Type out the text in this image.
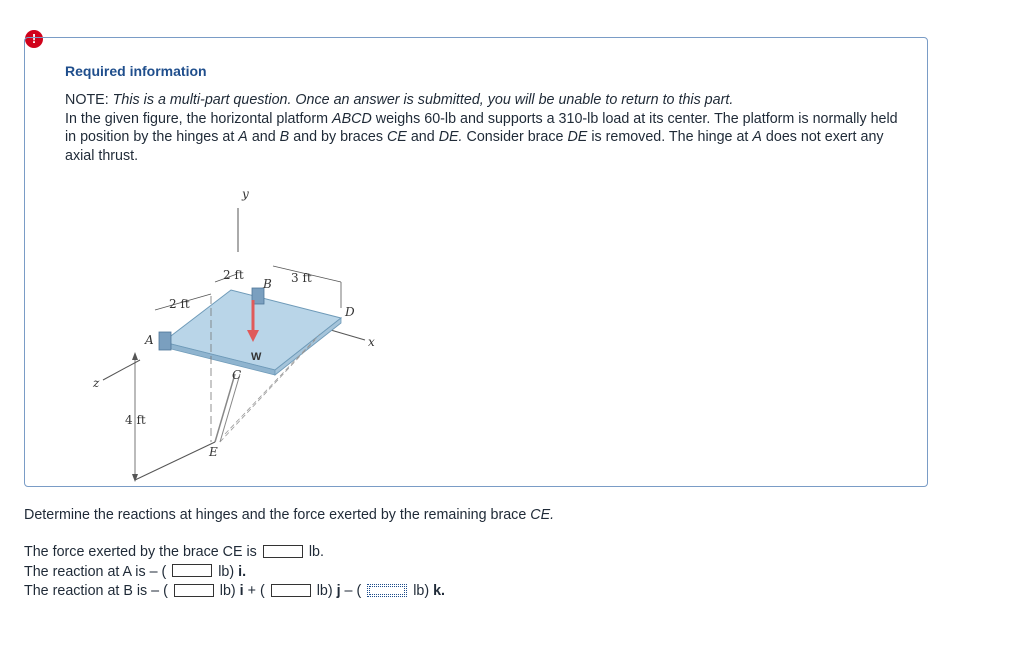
!
Required information
NOTE: This is a multi-part question. Once an answer is submitted, you will be unable to return to this part.
In the given figure, the horizontal platform ABCD weighs 60-lb and supports a 310-lb load at its center. The platform is normally held in position by the hinges at A and B and by braces CE and DE. Consider brace DE is removed. The hinge at A does not exert any axial thrust.
y
x
z
W
A
B
C
D
E
2 ft	3 ft
2 ft
4 ft
Determine the reactions at hinges and the force exerted by the remaining brace CE.
The force exerted by the brace CE is	lb.
The reaction at A is – (	lb) i.
The reaction at B is – (	lb) i + (	lb) j – (	lb) k.
